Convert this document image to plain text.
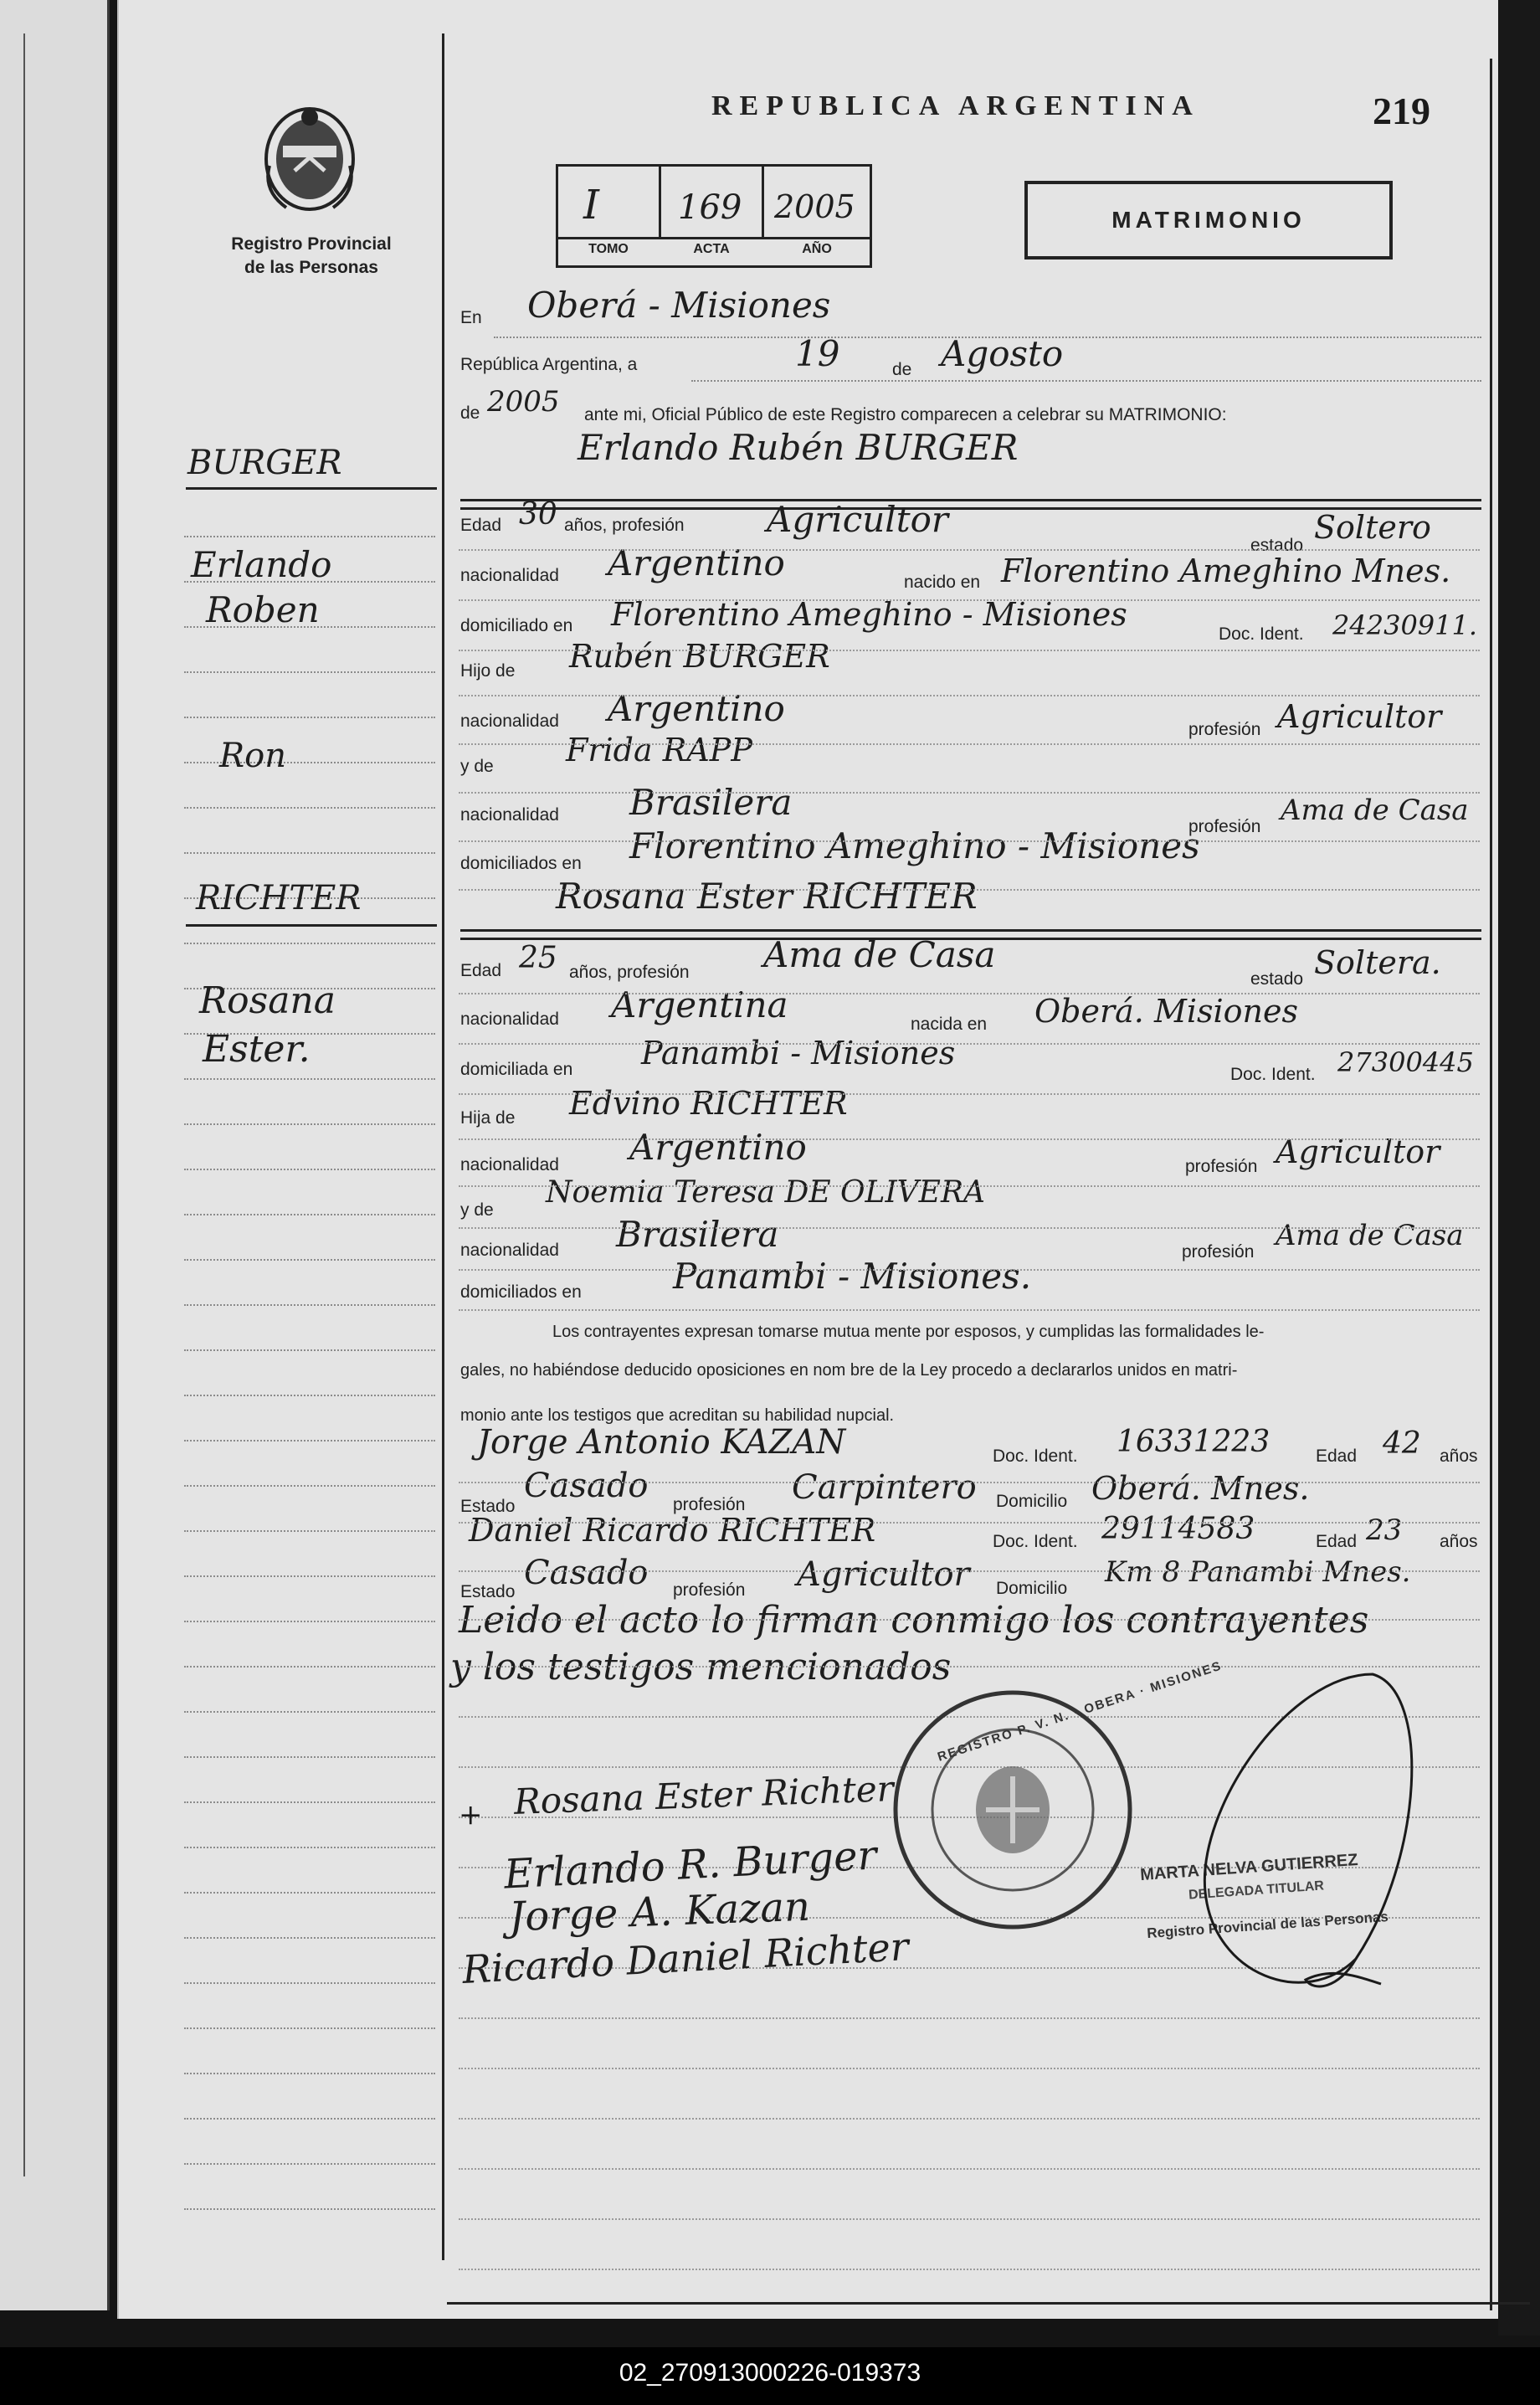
REPUBLICA ARGENTINA	219
Registro Provincial de las Personas
I 169 2005
TOMO	ACTA	AÑO
MATRIMONIO
BURGER
Erlando
Roben
Ron
RICHTER
Rosana
Ester.
En Oberá - Misiones
República Argentina, a	19	de Agosto
de 2005 ante mi, Oficial Público de este Registro comparecen a celebrar su MATRIMONIO:
Erlando Rubén BURGER
Edad 30 años, profesión Agricultor
estado Soltero
nacionalidad Argentino	nacido en Florentino Ameghino Mnes.
domiciliado en Florentino Ameghino - Misiones
Doc. Ident. 24230911.
Hijo de Rubén BURGER
nacionalidad Argentino
profesión Agricultor
y de Frida RAPP
nacionalidad Brasilera
profesión Ama de Casa
domiciliados en Florentino Ameghino - Misiones
Rosana Ester RICHTER
Edad 25 años, profesión Ama de Casa
estado Soltera.
nacionalidad Argentina	nacida en Oberá. Misiones
domiciliada en Panambi - Misiones
Doc. Ident. 27300445
Hija de Edvino RICHTER
nacionalidad Argentino	profesión Agricultor
y de
Noemia Teresa DE OLIVERA
nacionalidad Brasilera	profesión Ama de Casa
domiciliados en	Panambi - Misiones.
Los contrayentes expresan tomarse mutua mente por esposos, y cumplidas las formalidades le-
gales, no habiéndose deducido oposiciones en nom bre de la Ley procedo a declararlos unidos en matri-
monio ante los testigos que acreditan su habilidad nupcial.
Jorge Antonio KAZAN	Doc. Ident. 16331223	Edad 42 años
Estado
Casado profesión Carpintero Domicilio Oberá. Mnes.
Daniel Ricardo RICHTER	Doc. Ident. 29114583	Edad 23 años
Estado Casado profesión Agricultor Domicilio Km 8 Panambi Mnes.
Leido el acto lo firman conmigo los contrayentes
y los testigos mencionados
REGISTRO P. V. N. · OBERA · MISIONES
MARTA NELVA GUTIERREZ
DELEGADA TITULAR
Registro Provincial de las Personas
+ Rosana Ester Richter
Erlando R. Burger
Jorge A. Kazan
Ricardo Daniel Richter
02_270913000226-019373
